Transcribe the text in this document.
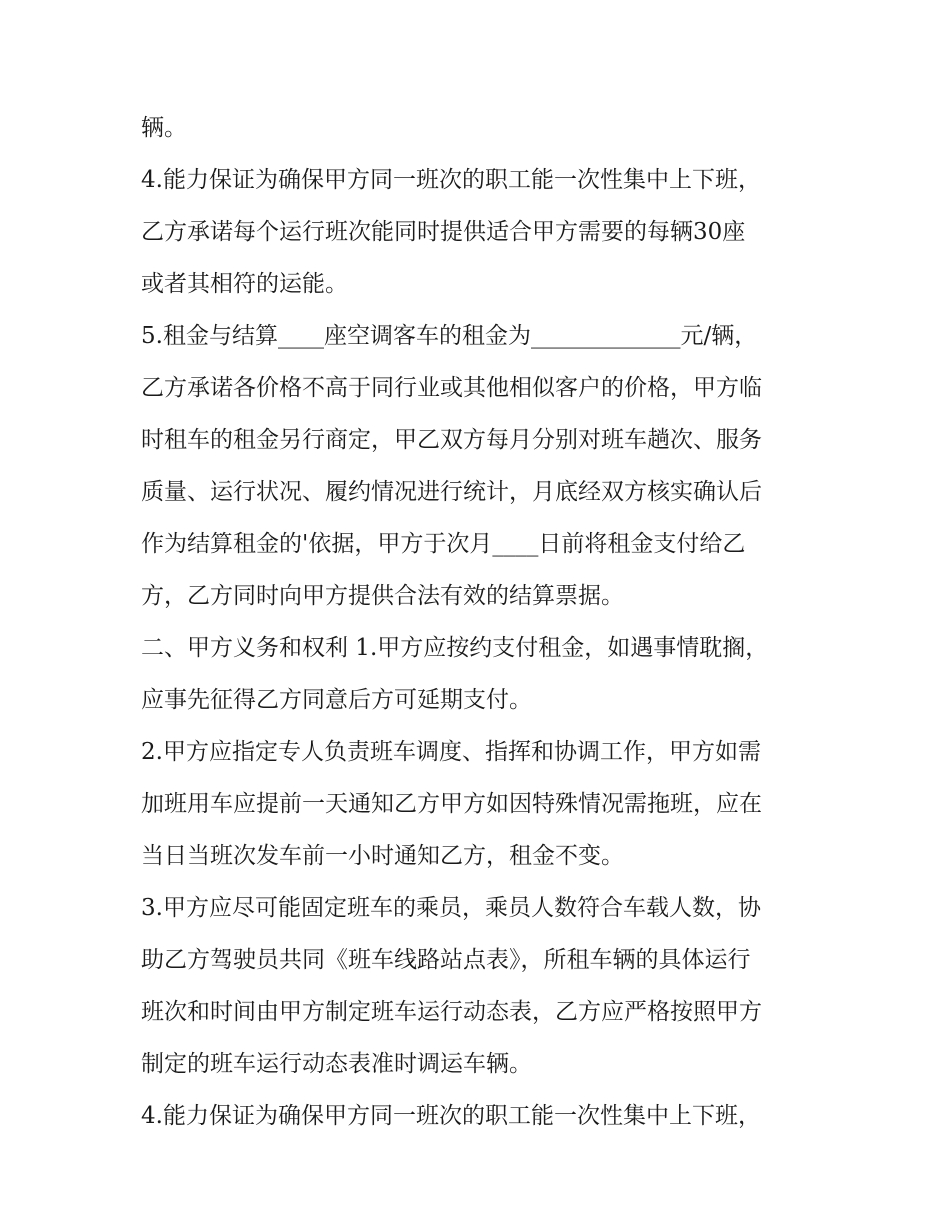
辆。
4.能力保证为确保甲方同一班次的职工能一次性集中上下班，
乙方承诺每个运行班次能同时提供适合甲方需要的每辆30座
或者其相符的运能。
5.租金与结算____座空调客车的租金为_____________元/辆，
乙方承诺各价格不高于同行业或其他相似客户的价格，甲方临
时租车的租金另行商定，甲乙双方每月分别对班车趟次、服务
质量、运行状况、履约情况进行统计，月底经双方核实确认后
作为结算租金的'依据，甲方于次月____日前将租金支付给乙
方，乙方同时向甲方提供合法有效的结算票据。
二、甲方义务和权利 1.甲方应按约支付租金，如遇事情耽搁，
应事先征得乙方同意后方可延期支付。
2.甲方应指定专人负责班车调度、指挥和协调工作，甲方如需
加班用车应提前一天通知乙方甲方如因特殊情况需拖班，应在
当日当班次发车前一小时通知乙方，租金不变。
3.甲方应尽可能固定班车的乘员，乘员人数符合车载人数，协
助乙方驾驶员共同《班车线路站点表》，所租车辆的具体运行
班次和时间由甲方制定班车运行动态表，乙方应严格按照甲方
制定的班车运行动态表准时调运车辆。
4.能力保证为确保甲方同一班次的职工能一次性集中上下班，
